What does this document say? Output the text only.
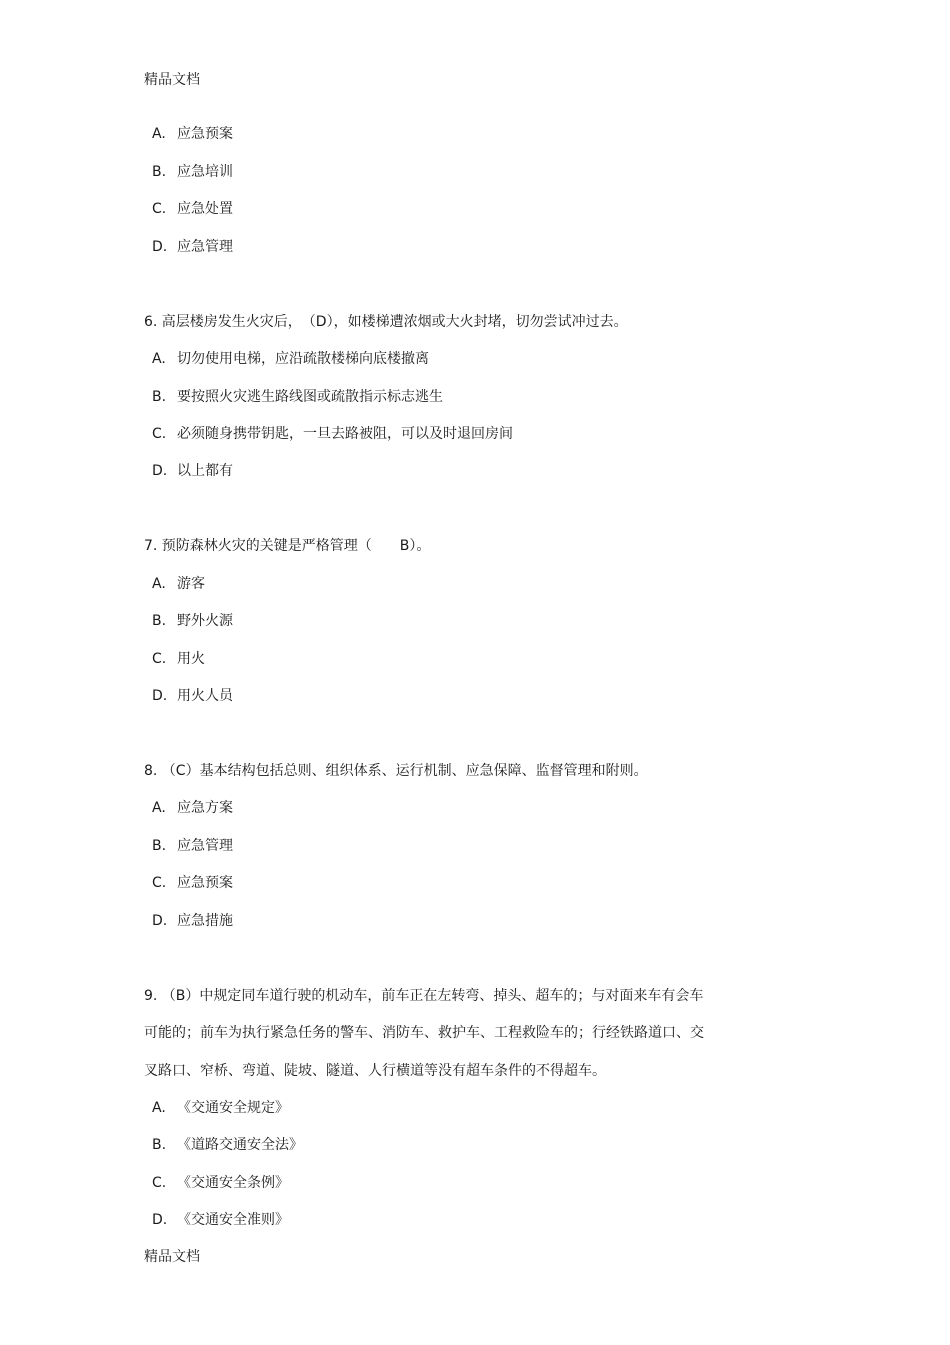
精品文档
A. 应急预案
B. 应急培训
C. 应急处置
D. 应急管理
6. 高层楼房发生火灾后，　（D），如楼梯遭浓烟或大火封堵，切勿尝试冲过去。
A. 切勿使用电梯，应沿疏散楼梯向底楼撤离
B. 要按照火灾逃生路线图或疏散指示标志逃生
C. 必须随身携带钥匙，一旦去路被阻，可以及时退回房间
D. 以上都有
7. 预防森林火灾的关键是严格管理（　　B）。
A. 游客
B. 野外火源
C. 用火
D. 用火人员
8. （C）基本结构包括总则、组织体系、运行机制、应急保障、监督管理和附则。
A. 应急方案
B. 应急管理
C. 应急预案
D. 应急措施
9. （B）中规定同车道行驶的机动车，前车正在左转弯、掉头、超车的；与对面来车有会车
可能的；前车为执行紧急任务的警车、消防车、救护车、工程救险车的；行经铁路道口、交
叉路口、窄桥、弯道、陡坡、隧道、人行横道等没有超车条件的不得超车。
A. 《交通安全规定》
B. 《道路交通安全法》
C. 《交通安全条例》
D. 《交通安全准则》
精品文档
